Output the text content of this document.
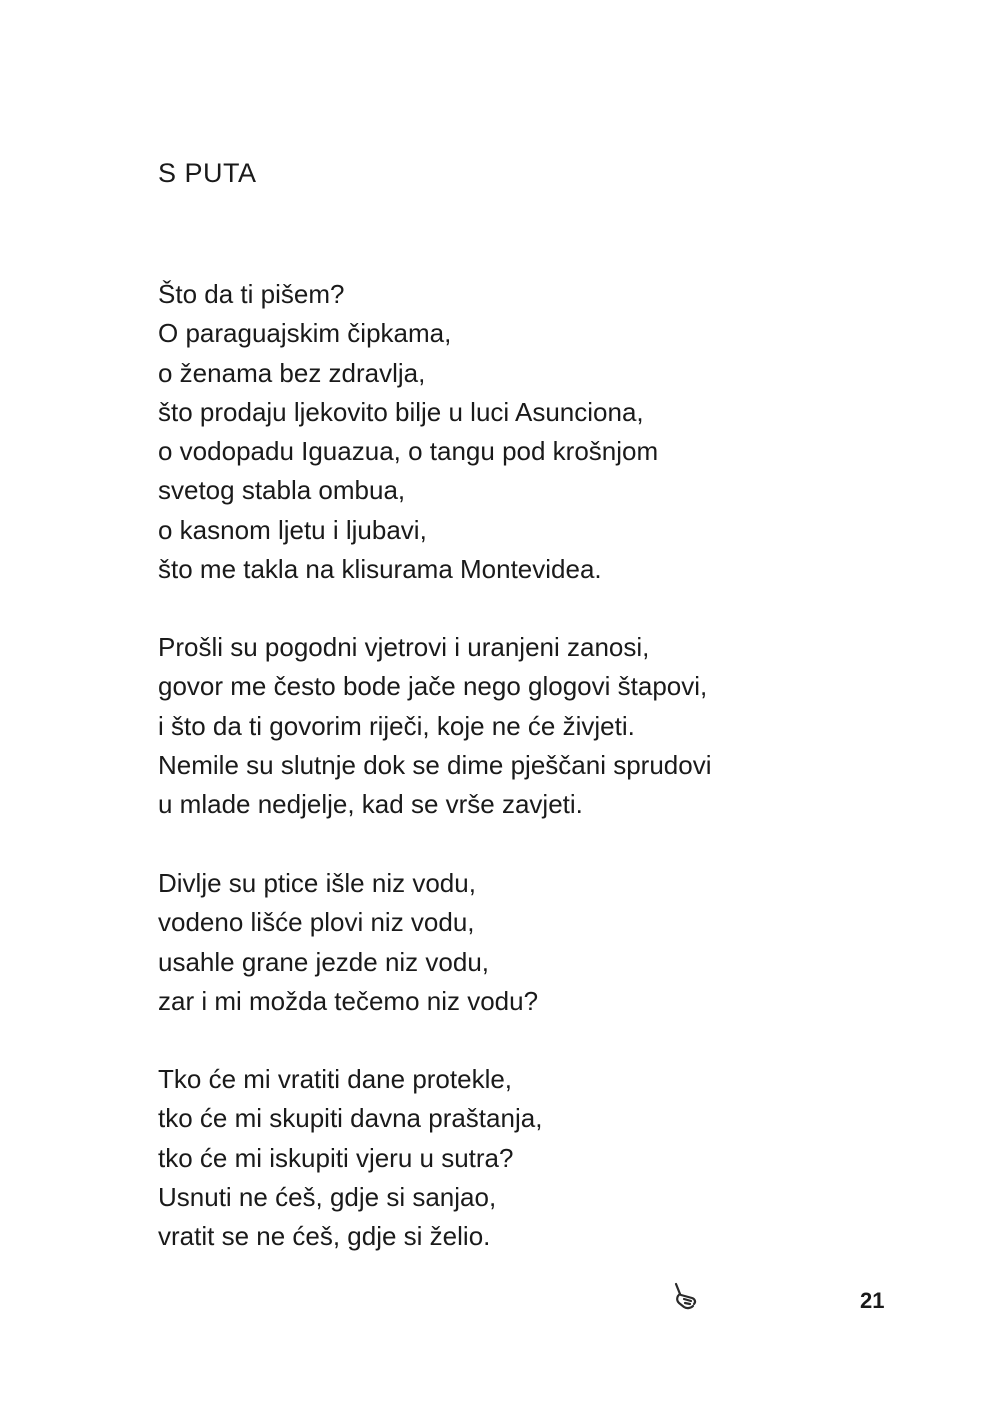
S PUTA
Što da ti pišem?
O paraguajskim čipkama,
o ženama bez zdravlja,
što prodaju ljekovito bilje u luci Asunciona,
o vodopadu Iguazua, o tangu pod krošnjom
svetog stabla ombua,
o kasnom ljetu i ljubavi,
što me takla na klisurama Montevidea.
Prošli su pogodni vjetrovi i uranjeni zanosi,
govor me često bode jače nego glogovi štapovi,
i što da ti govorim riječi, koje ne će živjeti.
Nemile su slutnje dok se dime pješčani sprudovi
u mlade nedjelje, kad se vrše zavjeti.
Divlje su ptice išle niz vodu,
vodeno lišće plovi niz vodu,
usahle grane jezde niz vodu,
zar i mi možda tečemo niz vodu?
Tko će mi vratiti dane protekle,
tko će mi skupiti davna praštanja,
tko će mi iskupiti vjeru u sutra?
Usnuti ne ćeš, gdje si sanjao,
vratit se ne ćeš, gdje si želio.
21
